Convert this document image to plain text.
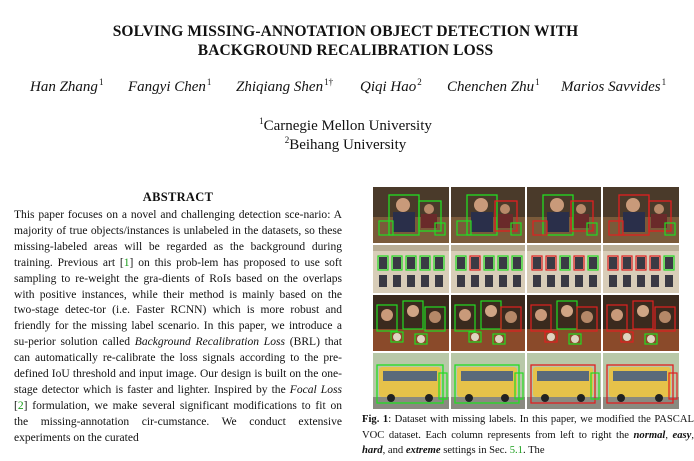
SOLVING MISSING-ANNOTATION OBJECT DETECTION WITH
BACKGROUND RECALIBRATION LOSS
Han Zhang$^1$ Fangyi Chen$^1$ Zhiqiang Shen$^{1\dagger}$ Qiqi Hao$^2$ Chenchen Zhu$^1$ Marios Savvides$^1$
$^1$Carnegie Mellon University
$^2$Beihang University
ABSTRACT
This paper focuses on a novel and challenging detection sce-nario: A majority of true objects/instances is unlabeled in the datasets, so these missing-labeled areas will be regarded as the background during training. Previous art [1] on this prob-lem has proposed to use soft sampling to re-weight the gra-dients of RoIs based on the overlaps with positive instances, while their method is mainly based on the two-stage detec-tor (i.e. Faster RCNN) which is more robust and friendly for the missing label scenario. In this paper, we introduce a su-perior solution called Background Recalibration Loss (BRL) that can automatically re-calibrate the loss signals according to the pre-defined IoU threshold and input image. Our design is built on the one-stage detector which is faster and lighter. Inspired by the Focal Loss [2] formulation, we make several significant modifications to fit on the missing-annotation cir-cumstance. We conduct extensive experiments on the curated
Fig. 1: Dataset with missing labels. In this paper, we modified the PASCAL VOC dataset. Each column represents from left to right the normal, easy, hard, and extreme settings in Sec. 5.1. The
